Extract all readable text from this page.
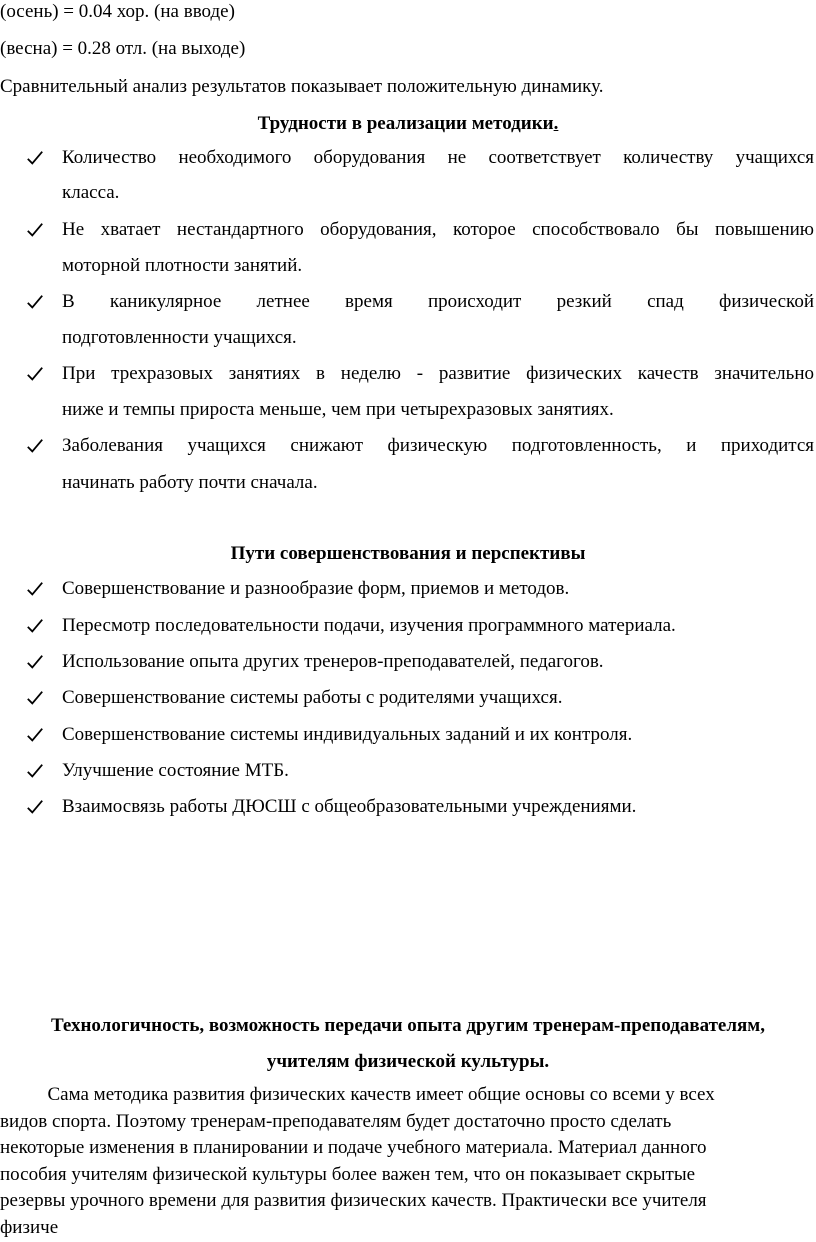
(осень) = 0.04 хор. (на вводе)
(весна) = 0.28 отл. (на выходе)
Сравнительный анализ результатов показывает положительную динамику.
Трудности в реализации методики.
Количество необходимого оборудования не соответствует количеству учащихся
класса.
Не хватает нестандартного оборудования, которое способствовало бы повышению
моторной плотности занятий.
В каникулярное летнее время происходит резкий спад физической
подготовленности учащихся.
При трехразовых занятиях в неделю - развитие физических качеств значительно
ниже и темпы прироста меньше, чем при четырехразовых занятиях.
Заболевания учащихся снижают физическую подготовленность, и приходится
начинать работу почти сначала.
Пути совершенствования и перспективы
Совершенствование и разнообразие форм, приемов и методов.
Пересмотр последовательности подачи, изучения программного материала.
Использование опыта других тренеров-преподавателей, педагогов.
Совершенствование системы работы с родителями учащихся.
Совершенствование системы индивидуальных заданий и их контроля.
Улучшение состояние МТБ.
Взаимосвязь работы ДЮСШ с общеобразовательными учреждениями.
Технологичность, возможность передачи опыта другим тренерам-преподавателям,
учителям физической культуры.
Сама методика развития физических качеств имеет общие основы со всеми у всех
видов спорта. Поэтому тренерам-преподавателям будет достаточно просто сделать
некоторые изменения в планировании и подаче учебного материала. Материал данного
пособия учителям физической культуры более важен тем, что он показывает скрытые
резервы урочного времени для развития физических качеств. Практически все учителя
физиче
